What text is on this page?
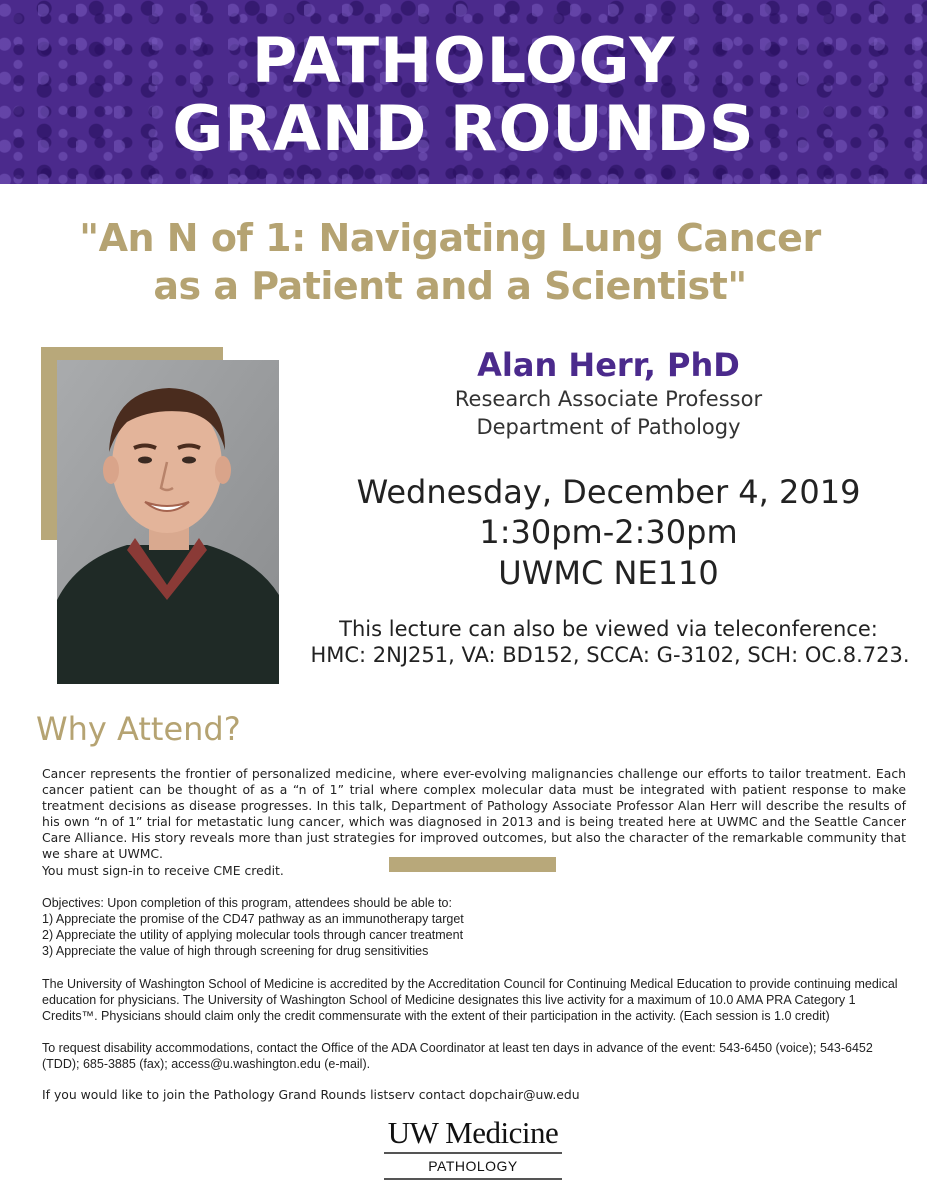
PATHOLOGY
GRAND ROUNDS
"An N of 1: Navigating Lung Cancer
as a Patient and a Scientist"
Alan Herr, PhD
Research Associate Professor
Department of Pathology
Wednesday, December 4, 2019
1:30pm-2:30pm
UWMC NE110
This lecture can also be viewed via teleconference:
HMC: 2NJ251, VA: BD152, SCCA: G-3102, SCH: OC.8.723.
Why Attend?
Cancer represents the frontier of personalized medicine, where ever-evolving malignancies challenge our efforts to tailor treatment. Each cancer patient can be thought of as a “n of 1” trial where complex molecular data must be integrated with patient response to make treatment decisions as disease progresses. In this talk, Department of Pathology Associate Professor Alan Herr will describe the results of his own “n of 1” trial for metastatic lung cancer, which was diagnosed in 2013 and is being treated here at UWMC and the Seattle Cancer Care Alliance. His story reveals more than just strategies for improved outcomes, but also the character of the remarkable community that we share at UWMC.
You must sign-in to receive CME credit.
Objectives: Upon completion of this program, attendees should be able to:
1) Appreciate the promise of the CD47 pathway as an immunotherapy target
2) Appreciate the utility of applying molecular tools through cancer treatment
3) Appreciate the value of high through screening for drug sensitivities
The University of Washington School of Medicine is accredited by the Accreditation Council for Continuing Medical Education to provide continuing medical education for physicians. The University of Washington School of Medicine designates this live activity for a maximum of 10.0 AMA PRA Category 1 Credits™. Physicians should claim only the credit commensurate with the extent of their participation in the activity. (Each session is 1.0 credit)
To request disability accommodations, contact the Office of the ADA Coordinator at least ten days in advance of the event: 543-6450 (voice); 543-6452 (TDD); 685-3885 (fax); access@u.washington.edu (e-mail).
If you would like to join the Pathology Grand Rounds listserv contact dopchair@uw.edu
UW Medicine
PATHOLOGY
